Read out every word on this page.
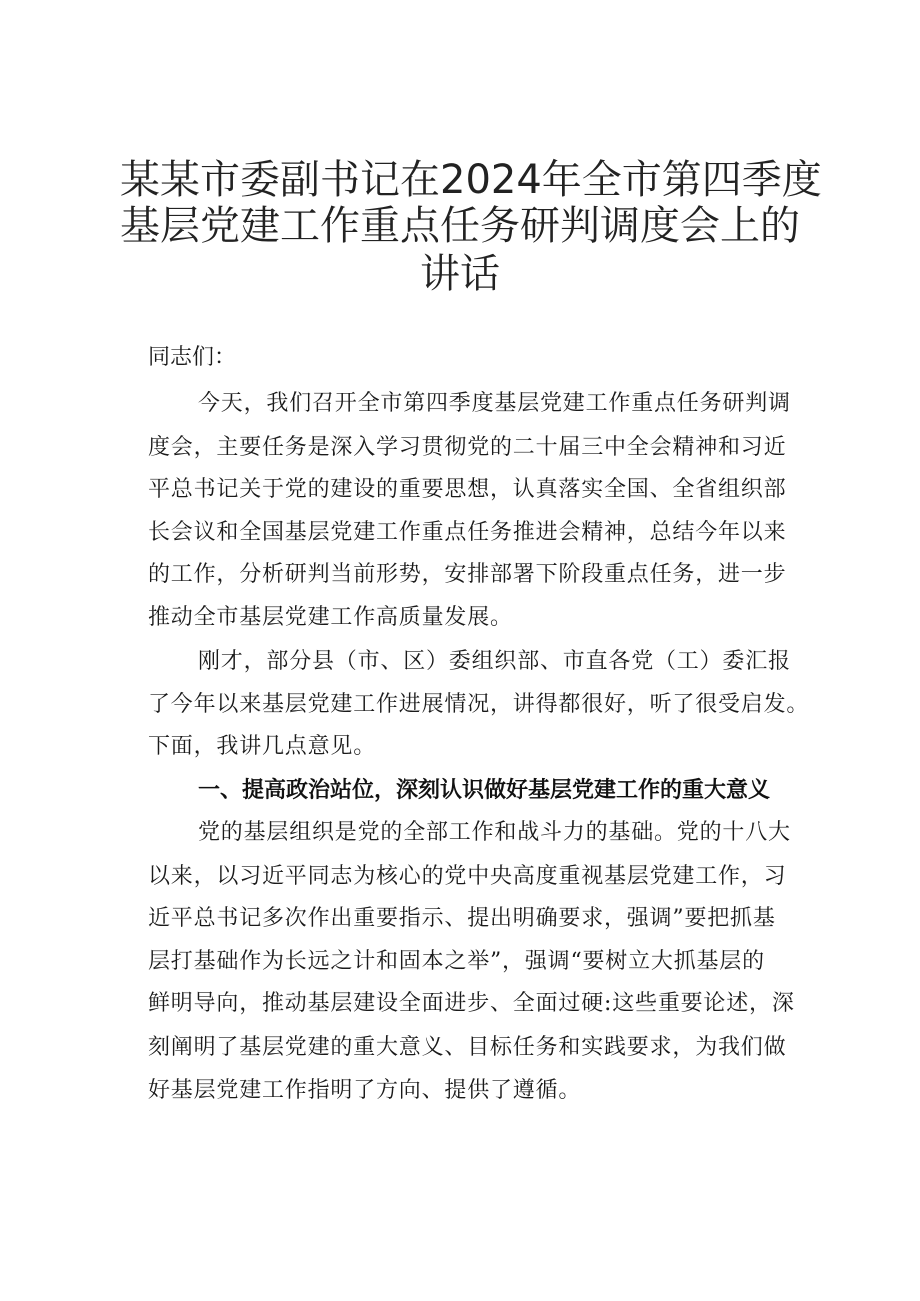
某某市委副书记在2024年全市第四季度
基层党建工作重点任务研判调度会上的
讲话
同志们：
今天，我们召开全市第四季度基层党建工作重点任务研判调
度会，主要任务是深入学习贯彻党的二十届三中全会精神和习近
平总书记关于党的建设的重要思想，认真落实全国、全省组织部
长会议和全国基层党建工作重点任务推进会精神，总结今年以来
的工作，分析研判当前形势，安排部署下阶段重点任务，进一步
推动全市基层党建工作高质量发展。
刚才，部分县（市、区）委组织部、市直各党（工）委汇报
了今年以来基层党建工作进展情况，讲得都很好，听了很受启发。
下面，我讲几点意见。
一、提高政治站位，深刻认识做好基层党建工作的重大意义
党的基层组织是党的全部工作和战斗力的基础。党的十八大
以来，以习近平同志为核心的党中央高度重视基层党建工作，习
近平总书记多次作出重要指示、提出明确要求，强调”要把抓基
层打基础作为长远之计和固本之举”，强调“要树立大抓基层的
鲜明导向，推动基层建设全面进步、全面过硬:这些重要论述，深
刻阐明了基层党建的重大意义、目标任务和实践要求，为我们做
好基层党建工作指明了方向、提供了遵循。
